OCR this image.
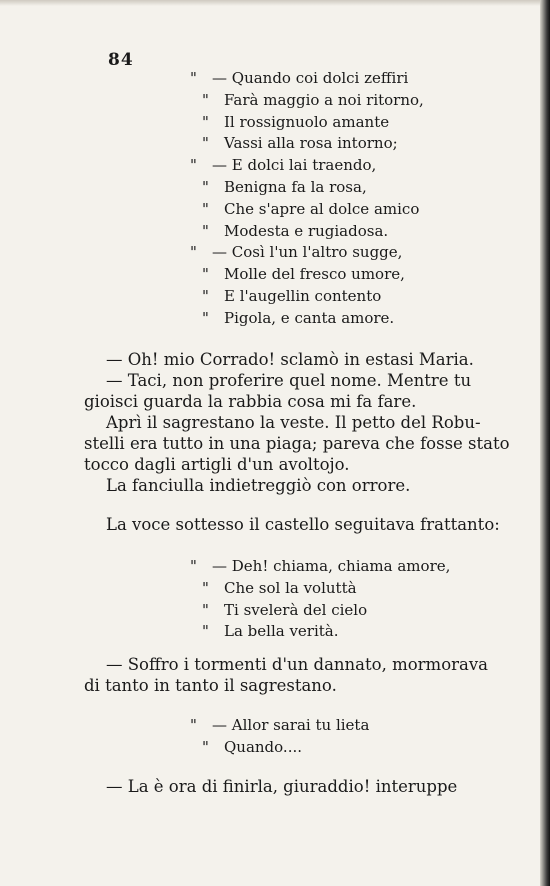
84
" — Quando coi dolci zeffiri
" Farà maggio a noi ritorno,
" Il rossignuolo amante
" Vassi alla rosa intorno;
" — E dolci lai traendo,
" Benigna fa la rosa,
" Che s'apre al dolce amico
" Modesta e rugiadosa.
" — Così l'un l'altro sugge,
" Molle del fresco umore,
" E l'augellin contento
" Pigola, e canta amore.
— Oh! mio Corrado! sclamò in estasi Maria.
— Taci, non proferire quel nome. Mentre tu
gioisci guarda la rabbia cosa mi fa fare.
Aprì il sagrestano la veste. Il petto del Robu-
stelli era tutto in una piaga; pareva che fosse stato
tocco dagli artigli d'un avoltojo.
La fanciulla indietreggiò con orrore.
La voce sottesso il castello seguitava frattanto:
" — Deh! chiama, chiama amore,
" Che sol la voluttà
" Ti svelerà del cielo
" La bella verità.
— Soffro i tormenti d'un dannato, mormorava
di tanto in tanto il sagrestano.
" — Allor sarai tu lieta
" Quando....
— La è ora di finirla, giuraddio! interuppe
